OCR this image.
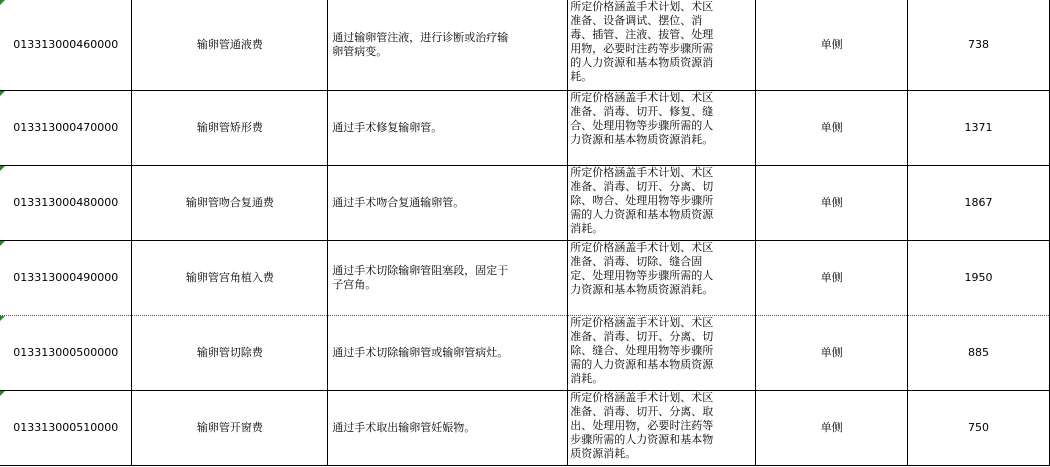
013313000460000	输卵管通液费	通过输卵管注液，进行诊断或治疗输卵管病变。	所定价格涵盖手术计划、术区准备、设备调试、摆位、消毒、插管、注液、拔管、处理用物，必要时注药等步骤所需的人力资源和基本物质资源消耗。	单侧	738

013313000470000	输卵管矫形费	通过手术修复输卵管。	所定价格涵盖手术计划、术区准备、消毒、切开、修复、缝合、处理用物等步骤所需的人力资源和基本物质资源消耗。	单侧	1371

013313000480000	输卵管吻合复通费	通过手术吻合复通输卵管。	所定价格涵盖手术计划、术区准备、消毒、切开、分离、切除、吻合、处理用物等步骤所需的人力资源和基本物质资源消耗。	单侧	1867

013313000490000	输卵管宫角植入费	通过手术切除输卵管阻塞段，固定于子宫角。	所定价格涵盖手术计划、术区准备、消毒、切除、缝合固定、处理用物等步骤所需的人力资源和基本物质资源消耗。	单侧	1950

013313000500000	输卵管切除费	通过手术切除输卵管或输卵管病灶。	所定价格涵盖手术计划、术区准备、消毒、切开、分离、切除、缝合、处理用物等步骤所需的人力资源和基本物质资源消耗。	单侧	885

013313000510000	输卵管开窗费	通过手术取出输卵管妊娠物。	所定价格涵盖手术计划、术区准备、消毒、切开、分离、取出、处理用物，必要时注药等步骤所需的人力资源和基本物质资源消耗。	单侧	750
